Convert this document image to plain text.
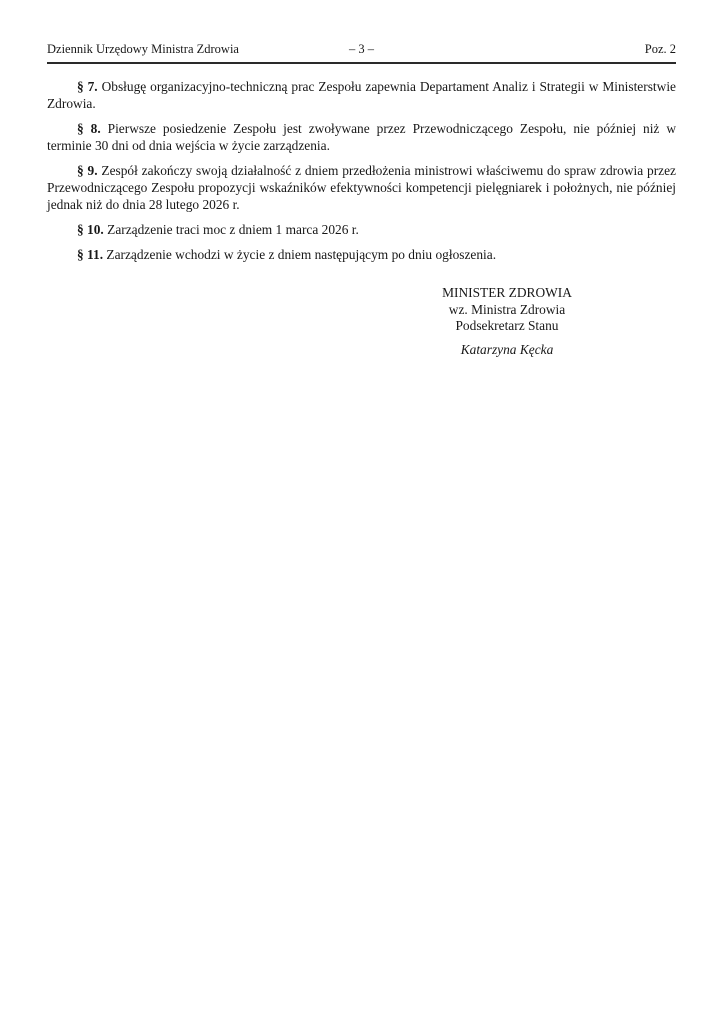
Dziennik Urzędowy Ministra Zdrowia	– 3 –	Poz. 2

§ 7. Obsługę organizacyjno-techniczną prac Zespołu zapewnia Departament Analiz i Strategii w Ministerstwie Zdrowia.

§ 8. Pierwsze posiedzenie Zespołu jest zwoływane przez Przewodniczącego Zespołu, nie później niż w terminie 30 dni od dnia wejścia w życie zarządzenia.

§ 9. Zespół zakończy swoją działalność z dniem przedłożenia ministrowi właściwemu do spraw zdrowia przez Przewodniczącego Zespołu propozycji wskaźników efektywności kompetencji pielęgniarek i położnych, nie później jednak niż do dnia 28 lutego 2026 r.

§ 10. Zarządzenie traci moc z dniem 1 marca 2026 r.

§ 11. Zarządzenie wchodzi w życie z dniem następującym po dniu ogłoszenia.

MINISTER ZDROWIA
wz. Ministra Zdrowia
Podsekretarz Stanu
Katarzyna Kęcka
